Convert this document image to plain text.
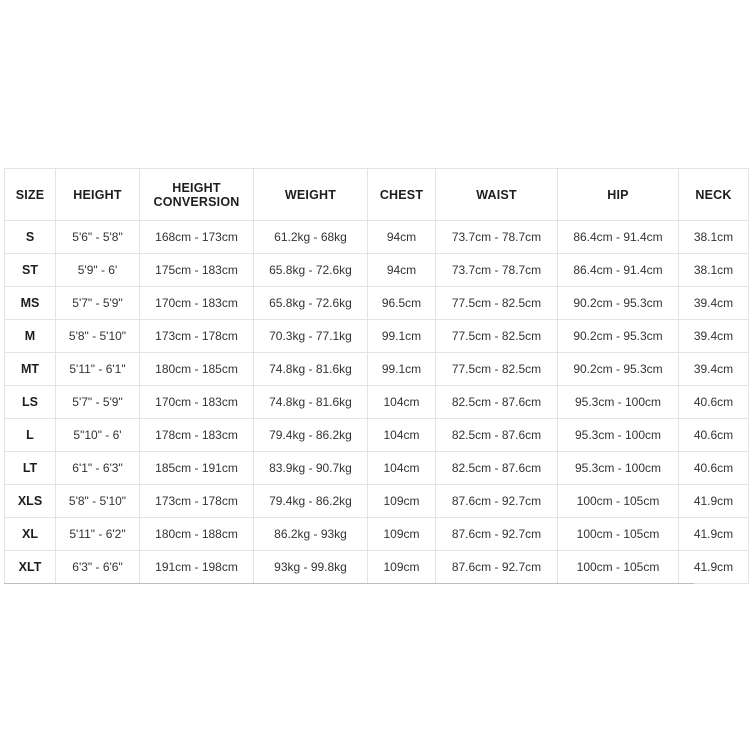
SIZE	HEIGHT	HEIGHT CONVERSION	WEIGHT	CHEST	WAIST	HIP	NECK
S	5'6" - 5'8"	168cm - 173cm	61.2kg - 68kg	94cm	73.7cm - 78.7cm	86.4cm - 91.4cm	38.1cm
ST	5'9" - 6'	175cm - 183cm	65.8kg - 72.6kg	94cm	73.7cm - 78.7cm	86.4cm - 91.4cm	38.1cm
MS	5'7" - 5'9"	170cm - 183cm	65.8kg - 72.6kg	96.5cm	77.5cm - 82.5cm	90.2cm - 95.3cm	39.4cm
M	5'8" - 5'10"	173cm - 178cm	70.3kg - 77.1kg	99.1cm	77.5cm - 82.5cm	90.2cm - 95.3cm	39.4cm
MT	5'11" - 6'1"	180cm - 185cm	74.8kg - 81.6kg	99.1cm	77.5cm - 82.5cm	90.2cm - 95.3cm	39.4cm
LS	5'7" - 5'9"	170cm - 183cm	74.8kg - 81.6kg	104cm	82.5cm - 87.6cm	95.3cm - 100cm	40.6cm
L	5"10" - 6'	178cm - 183cm	79.4kg - 86.2kg	104cm	82.5cm - 87.6cm	95.3cm - 100cm	40.6cm
LT	6'1" - 6'3"	185cm - 191cm	83.9kg - 90.7kg	104cm	82.5cm - 87.6cm	95.3cm - 100cm	40.6cm
XLS	5'8" - 5'10"	173cm - 178cm	79.4kg - 86.2kg	109cm	87.6cm - 92.7cm	100cm - 105cm	41.9cm
XL	5'11" - 6'2"	180cm - 188cm	86.2kg - 93kg	109cm	87.6cm - 92.7cm	100cm - 105cm	41.9cm
XLT	6'3" - 6'6"	191cm - 198cm	93kg - 99.8kg	109cm	87.6cm - 92.7cm	100cm - 105cm	41.9cm
